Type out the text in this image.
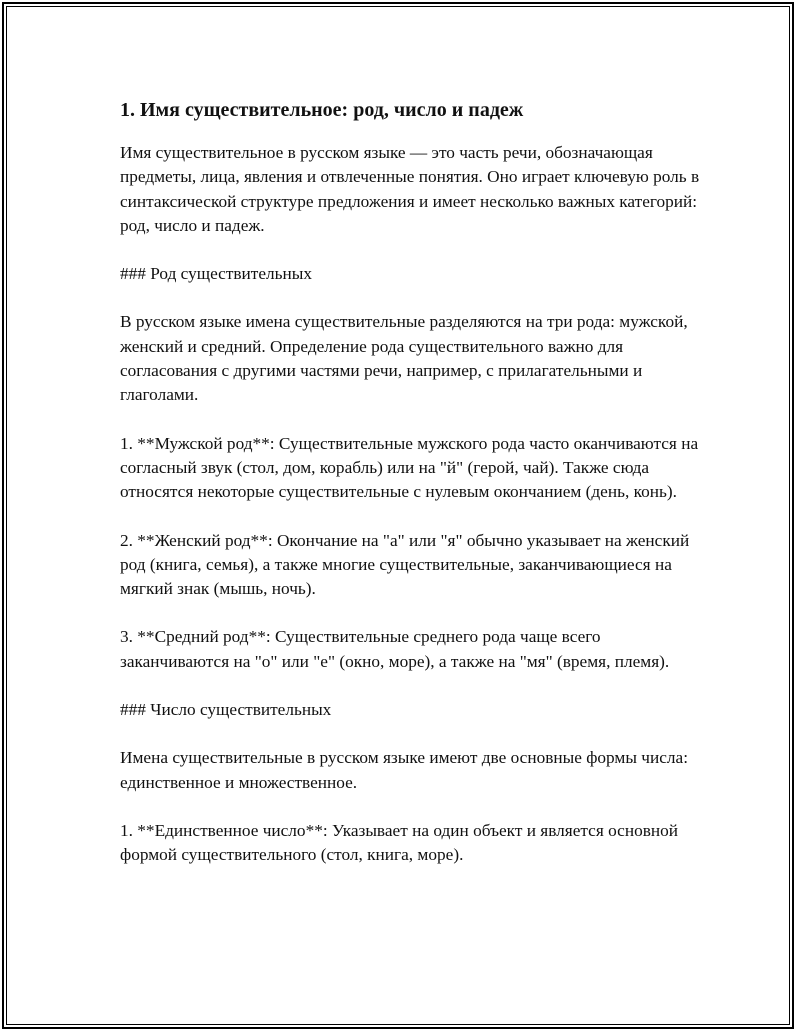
1. Имя существительное: род, число и падеж

Имя существительное в русском языке — это часть речи, обозначающая предметы, лица, явления и отвлеченные понятия. Оно играет ключевую роль в синтаксической структуре предложения и имеет несколько важных категорий: род, число и падеж.

### Род существительных

В русском языке имена существительные разделяются на три рода: мужской, женский и средний. Определение рода существительного важно для согласования с другими частями речи, например, с прилагательными и глаголами.

1. **Мужской род**: Существительные мужского рода часто оканчиваются на согласный звук (стол, дом, корабль) или на "й" (герой, чай). Также сюда относятся некоторые существительные с нулевым окончанием (день, конь).

2. **Женский род**: Окончание на "а" или "я" обычно указывает на женский род (книга, семья), а также многие существительные, заканчивающиеся на мягкий знак (мышь, ночь).

3. **Средний род**: Существительные среднего рода чаще всего заканчиваются на "о" или "е" (окно, море), а также на "мя" (время, племя).

### Число существительных

Имена существительные в русском языке имеют две основные формы числа: единственное и множественное.

1. **Единственное число**: Указывает на один объект и является основной формой существительного (стол, книга, море).
